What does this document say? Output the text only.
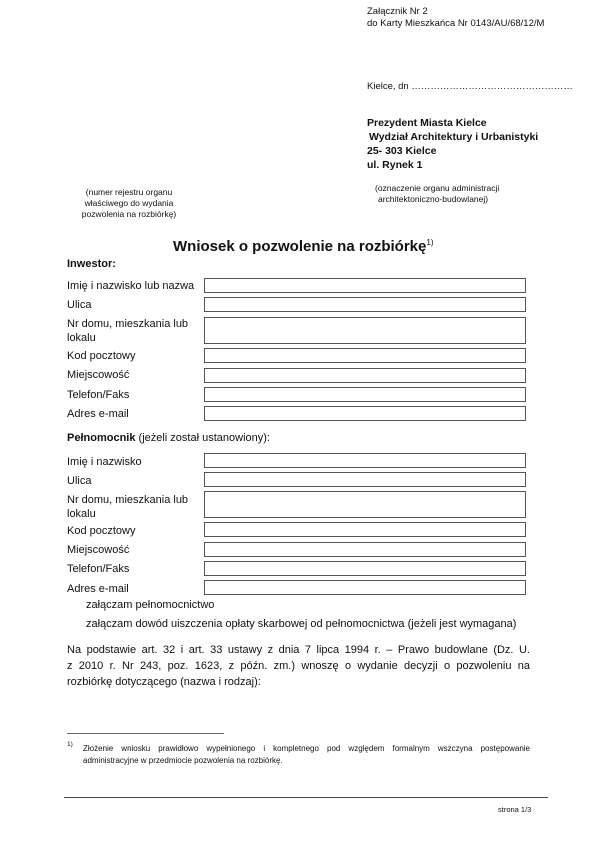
Załącznik Nr 2
do Karty Mieszkańca Nr 0143/AU/68/12/M
Kielce, dn ……………………………………………
Prezydent Miasta Kielce
Wydział Architektury i Urbanistyki
25- 303 Kielce
ul. Rynek 1
(numer rejestru organu
właściwego do wydania
pozwolenia na rozbiórkę)
(oznaczenie organu administracji
architektoniczno-budowlanej)
Wniosek o pozwolenie na rozbiórkę$^{1)}$
Inwestor:
Imię i nazwisko lub nazwa
Ulica
Nr domu, mieszkania lub
lokalu
Kod pocztowy
Miejscowość
Telefon/Faks
Adres e-mail
Pełnomocnik (jeżeli został ustanowiony):
Imię i nazwisko
Ulica
Nr domu, mieszkania lub
lokalu
Kod pocztowy
Miejscowość
Telefon/Faks
Adres e-mail
załączam pełnomocnictwo
załączam dowód uiszczenia opłaty skarbowej od pełnomocnictwa (jeżeli jest wymagana)
Na podstawie art. 32 i art. 33 ustawy z dnia 7 lipca 1994 r. – Prawo budowlane (Dz. U.
z 2010 r. Nr 243, poz. 1623, z późn. zm.) wnoszę o wydanie decyzji o pozwoleniu na
rozbiórkę dotyczącego (nazwa i rodzaj):
1) Złożenie wniosku prawidłowo wypełnionego i kompletnego pod względem formalnym wszczyna postępowanie
administracyjne w przedmiocie pozwolenia na rozbiórkę.
strona 1/3
